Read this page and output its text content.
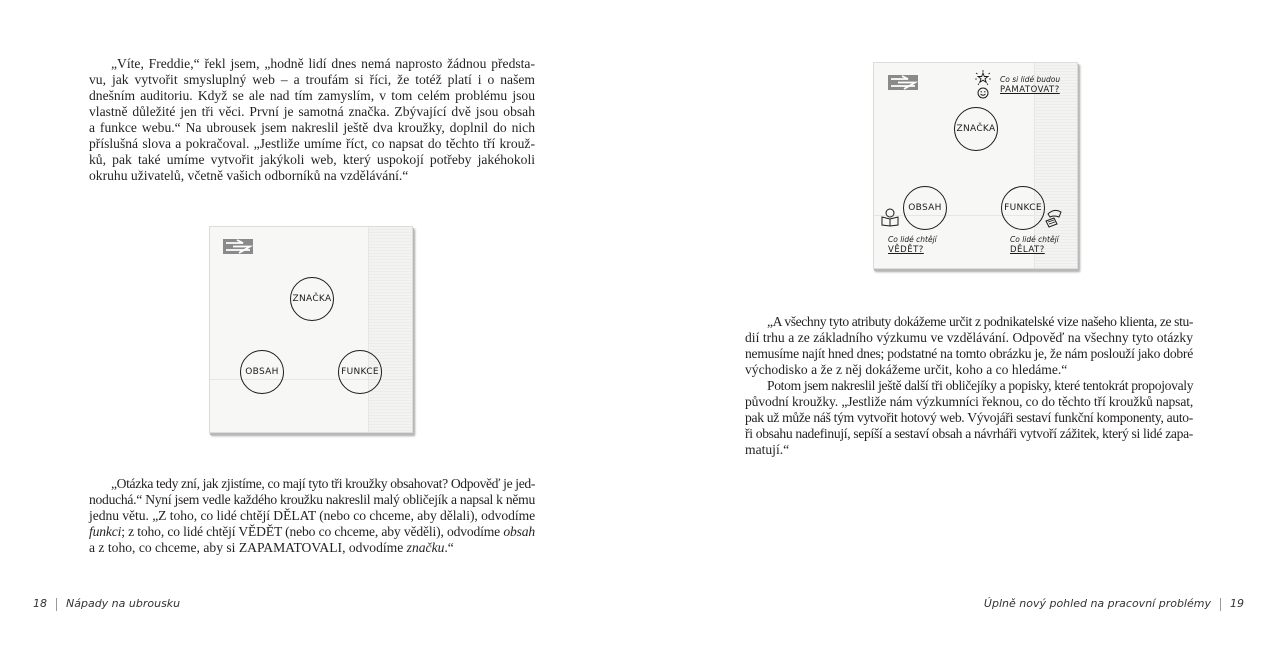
„Víte, Freddie,“ řekl jsem, „hodně lidí dnes nemá naprosto žádnou předsta-
vu, jak vytvořit smysluplný web – a troufám si říci, že totéž platí i o našem
dnešním auditoriu. Když se ale nad tím zamyslím, v tom celém problému jsou
vlastně důležité jen tři věci. První je samotná značka. Zbývající dvě jsou obsah
a funkce webu.“ Na ubrousek jsem nakreslil ještě dva kroužky, doplnil do nich
příslušná slova a pokračoval. „Jestliže umíme říct, co napsat do těchto tří krouž-
ků, pak také umíme vytvořit jakýkoli web, který uspokojí potřeby jakéhokoli
okruhu uživatelů, včetně vašich odborníků na vzdělávání.“

ZNAČKA
OBSAH	FUNKCE

„Otázka tedy zní, jak zjistíme, co mají tyto tři kroužky obsahovat? Odpověď je jed-
noduchá.“ Nyní jsem vedle každého kroužku nakreslil malý obličejík a napsal k němu
jednu větu. „Z toho, co lidé chtějí DĚLAT (nebo co chceme, aby dělali), odvodíme
funkci; z toho, co lidé chtějí VĚDĚT (nebo co chceme, aby věděli), odvodíme obsah
a z toho, co chceme, aby si ZAPAMATOVALI, odvodíme značku.“

18 Nápady na ubrousku
Co si lidé budou
PAMATOVAT?
ZNAČKA
OBSAH	FUNKCE
Co lidé chtějí
VĚDĚT?
Co lidé chtějí
DĚLAT?

„A všechny tyto atributy dokážeme určit z podnikatelské vize našeho klienta, ze stu-
dií trhu a ze základního výzkumu ve vzdělávání. Odpověď na všechny tyto otázky
nemusíme najít hned dnes; podstatné na tomto obrázku je, že nám poslouží jako dobré
východisko a že z něj dokážeme určit, koho a co hledáme.“

Potom jsem nakreslil ještě další tři obličejíky a popisky, které tentokrát propojovaly
původní kroužky. „Jestliže nám výzkumníci řeknou, co do těchto tří kroužků napsat,
pak už může náš tým vytvořit hotový web. Vývojáři sestaví funkční komponenty, auto-
ři obsahu nadefinují, sepíší a sestaví obsah a návrháři vytvoří zážitek, který si lidé zapa-
matují.“

Úplně nový pohled na pracovní problémy 19
